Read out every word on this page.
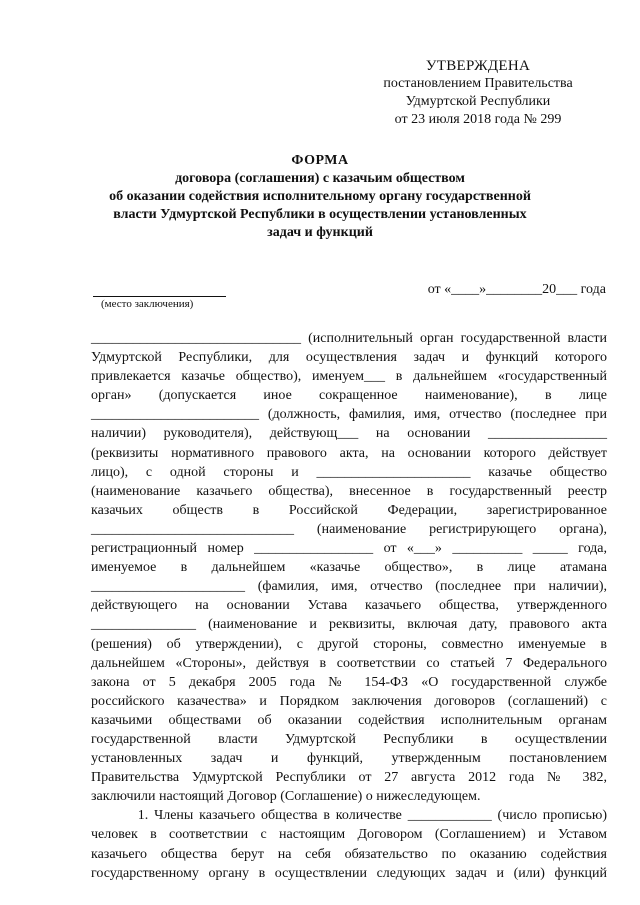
УТВЕРЖДЕНА
постановлением Правительства
Удмуртской Республики
от 23 июля 2018 года № 299
ФОРМА
договора (соглашения) с казачьим обществом
об оказании содействия исполнительному органу государственной
власти Удмуртской Республики в осуществлении установленных
задач и функций
(место заключения)
от «____»________20___ года
______________________________ (исполнительный орган государственной власти
Удмуртской Республики, для осуществления задач и функций которого
привлекается казачье общество), именуем___ в дальнейшем «государственный
орган» (допускается иное сокращенное наименование), в лице
________________________ (должность, фамилия, имя, отчество (последнее при
наличии) руководителя), действующ___ на основании _________________
(реквизиты нормативного правового акта, на основании которого действует
лицо), с одной стороны и ______________________ казачье общество
(наименование казачьего общества), внесенное в государственный реестр
казачьих обществ в Российской Федерации, зарегистрированное
_____________________________ (наименование регистрирующего органа),
регистрационный номер _________________ от «___» __________ _____ года,
именуемое в дальнейшем «казачье общество», в лице атамана
______________________ (фамилия, имя, отчество (последнее при наличии),
действующего на основании Устава казачьего общества, утвержденного
_______________ (наименование и реквизиты, включая дату, правового акта
(решения) об утверждении), с другой стороны, совместно именуемые в
дальнейшем «Стороны», действуя в соответствии со статьей 7 Федерального
закона от 5 декабря 2005 года № 154-ФЗ «О государственной службе
российского казачества» и Порядком заключения договоров (соглашений) с
казачьими обществами об оказании содействия исполнительным органам
государственной власти Удмуртской Республики в осуществлении
установленных задач и функций, утвержденным постановлением
Правительства Удмуртской Республики от 27 августа 2012 года № 382,
заключили настоящий Договор (Соглашение) о нижеследующем.
1. Члены казачьего общества в количестве ____________ (число прописью)
человек в соответствии с настоящим Договором (Соглашением) и Уставом
казачьего общества берут на себя обязательство по оказанию содействия
государственному органу в осуществлении следующих задач и (или) функций
